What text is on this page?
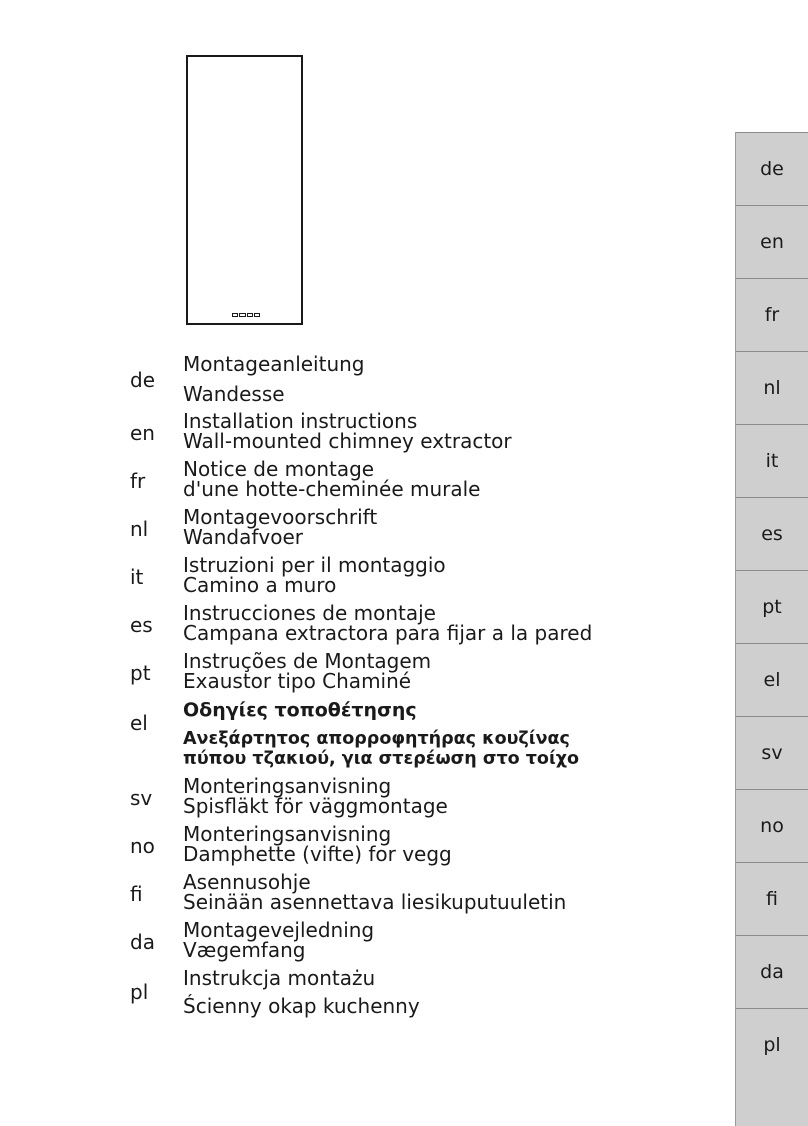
de
Montageanleitung
Wandesse
en Installation instructions
Wall-mounted chimney extractor
fr Notice de montage
d'une hotte-cheminée murale
nl Montagevoorschrift
Wandafvoer
it Istruzioni per il montaggio
Camino a muro
es Instrucciones de montaje
Campana extractora para fijar a la pared
pt Instruções de Montagem
Exaustor tipo Chaminé
el
Οδηγίες τοποθέτησης
Ανεξάρτητος απορροφητήρας κουζίνας
πύπου τζακιού, για στερέωση στο τοίχο
sv Monteringsanvisning
Spisfläkt för väggmontage
no Monteringsanvisning
Damphette (vifte) for vegg
fi Asennusohje
Seinään asennettava liesikuputuuletin
da Montagevejledning
Vægemfang
pl
Instrukcja montażu
Ścienny okap kuchenny
de
en
fr
nl
it
es
pt
el
sv
no
fi
da
pl
